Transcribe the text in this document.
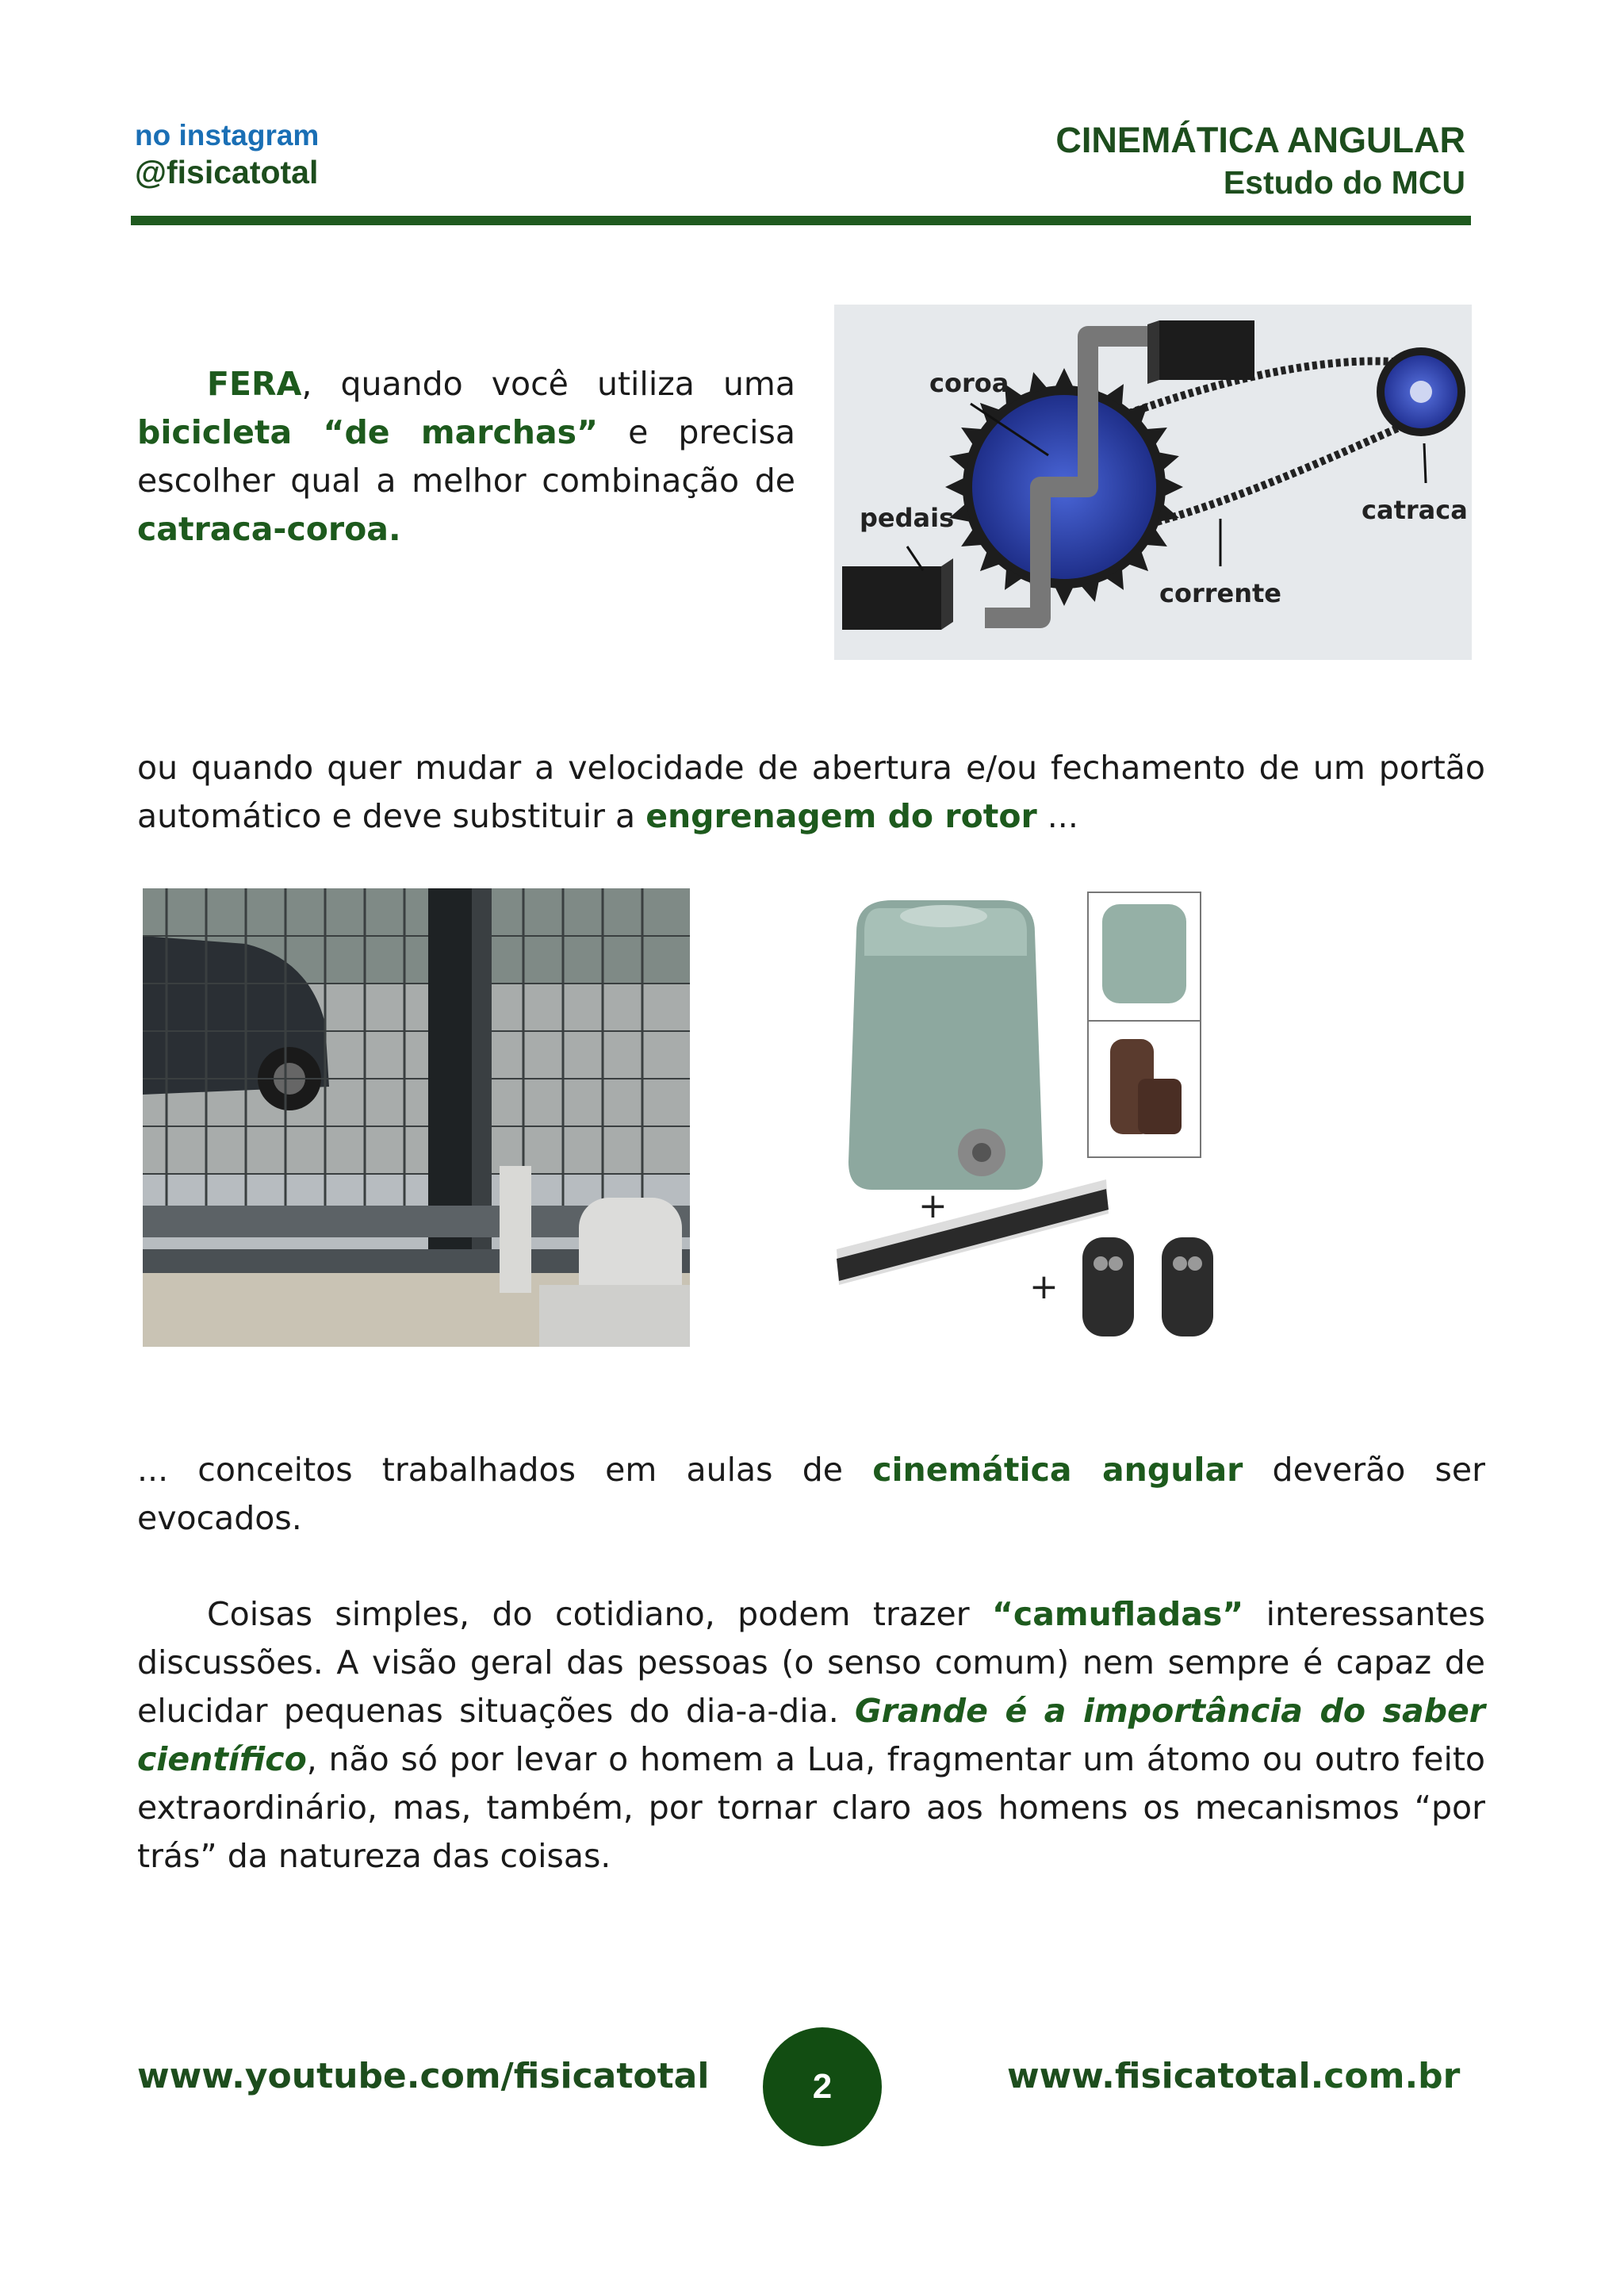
no instagram
@fisicatotal
CINEMÁTICA ANGULAR
Estudo do MCU

FERA, quando você utiliza uma bicicleta “de marchas” e precisa escolher qual a melhor combinação de catraca-coroa.

coroa
pedais	catraca
corrente

ou quando quer mudar a velocidade de abertura e/ou fechamento de um portão automático e deve substituir a engrenagem do rotor ...

+
+

... conceitos trabalhados em aulas de cinemática angular deverão ser evocados.

Coisas simples, do cotidiano, podem trazer “camufladas” interessantes discussões. A visão geral das pessoas (o senso comum) nem sempre é capaz de elucidar pequenas situações do dia-a-dia. Grande é a importância do saber científico, não só por levar o homem a Lua, fragmentar um átomo ou outro feito extraordinário, mas, também, por tornar claro aos homens os mecanismos “por trás” da natureza das coisas.

www.youtube.com/fisicatotal	2	www.fisicatotal.com.br
